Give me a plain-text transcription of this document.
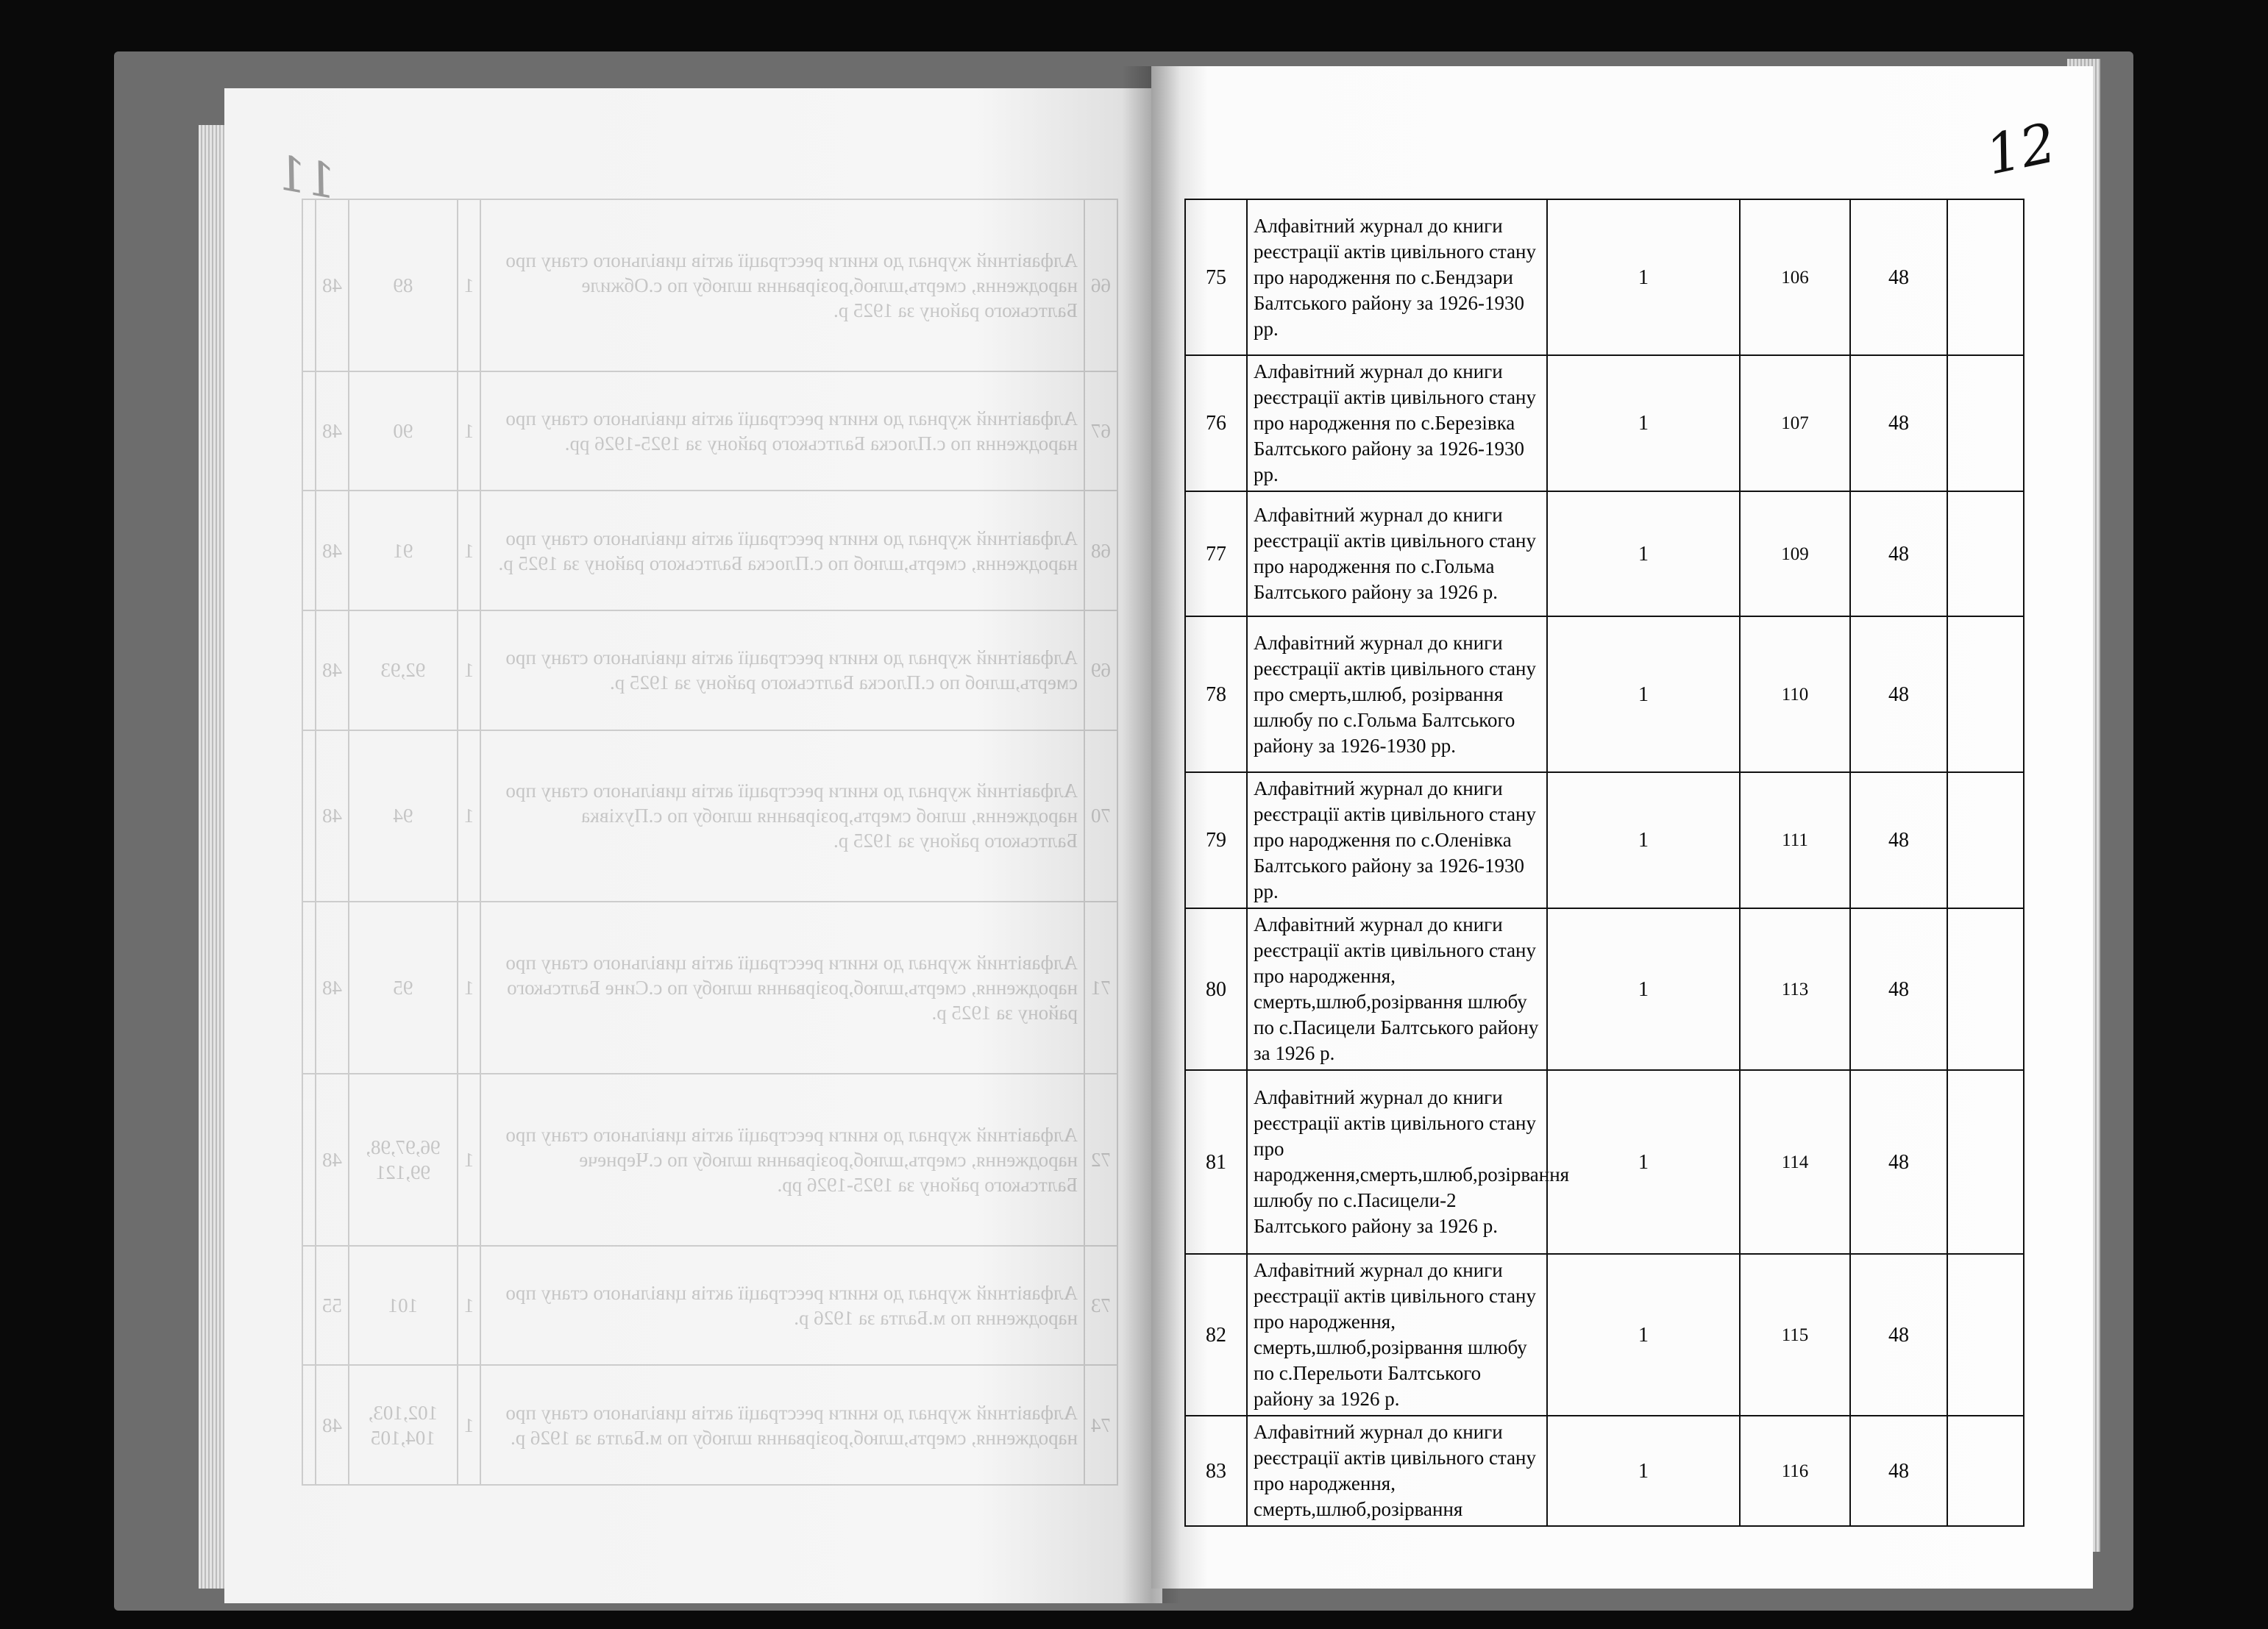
11
66	Алфавітний журнал до книги реєстрації актів цивільного стану про народження, смерть,шлюб,розірвання шлюбу по с.Обжиле Балтського району за 1925 р.	1	89	48	
67	Алфавітний журнал до книги реєстрації актів цивільного стану про народження по с.Плоска Балтського району за 1925-1926 рр.	1	90	48	
68	Алфавітний журнал до книги реєстрації актів цивільного стану про народження, смерть,шлюб по с.Плоска Балтського району за 1925 р.	1	91	48	
69	Алфавітний журнал до книги реєстрації актів цивільного стану про смерть,шлюб по с.Плоска Балтського району за 1925 р.	1	92,93	48	
70	Алфавітний журнал до книги реєстрації актів цивільного стану про народження, шлюб смерть,розірвання шлюбу по с.Пухівка Балтського району за 1925 р.	1	94	48	
71	Алфавітний журнал до книги реєстрації актів цивільного стану про народження, смерть,шлюб,розірвання шлюбу по с.Сине Балтського району за 1925 р.	1	95	48	
72	Алфавітний журнал до книги реєстрації актів цивільного стану про народження, смерть,шлюб,розірвання шлюбу по с.Чернече Балтського району за 1925-1926 рр.	1	96,97,98, 99,121	48	
73	Алфавітний журнал до книги реєстрації актів цивільного стану про народження по м.Балта за 1926 р.	1	101	55	
74	Алфавітний журнал до книги реєстрації актів цивільного стану про народження, смерть,шлюб,розірвання шлюбу по м.Балта за 1926 р.	1	102,103, 104,105	48	
12
75	Алфавітний журнал до книги реєстрації актів цивільного стану про народження по с.Бендзари Балтського району за 1926-1930 рр.	1	106	48	
76	Алфавітний журнал до книги реєстрації актів цивільного стану про народження по с.Березівка Балтського району за 1926-1930 рр.	1	107	48	
77	Алфавітний журнал до книги реєстрації актів цивільного стану про народження по с.Гольма Балтського району за 1926 р.	1	109	48	
78	Алфавітний журнал до книги реєстрації актів цивільного стану про смерть,шлюб, розірвання шлюбу по с.Гольма Балтського району за 1926-1930 рр.	1	110	48	
79	Алфавітний журнал до книги реєстрації актів цивільного стану про народження по с.Оленівка Балтського району за 1926-1930 рр.	1	111	48	
80	Алфавітний журнал до книги реєстрації актів цивільного стану про народження, смерть,шлюб,розірвання шлюбу по с.Пасицели Балтського району за 1926 р.	1	113	48	
81	Алфавітний журнал до книги реєстрації актів цивільного стану про народження,смерть,шлюб,розірвання шлюбу по с.Пасицели-2 Балтського району за 1926 р.	1	114	48	
82	Алфавітний журнал до книги реєстрації актів цивільного стану про народження, смерть,шлюб,розірвання шлюбу по с.Перельоти Балтського району за 1926 р.	1	115	48	
83	Алфавітний журнал до книги реєстрації актів цивільного стану про народження, смерть,шлюб,розірвання	1	116	48	
